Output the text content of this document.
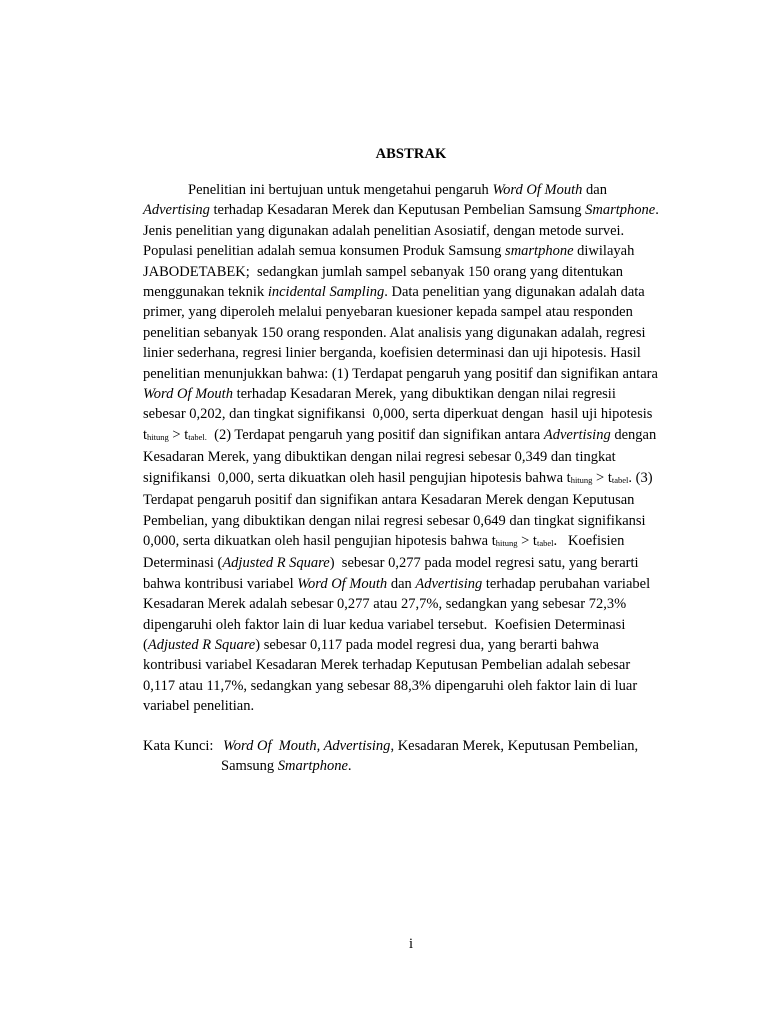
ABSTRAK
Penelitian ini bertujuan untuk mengetahui pengaruh Word Of Mouth dan
Advertising terhadap Kesadaran Merek dan Keputusan Pembelian Samsung Smartphone.
Jenis penelitian yang digunakan adalah penelitian Asosiatif, dengan metode survei.
Populasi penelitian adalah semua konsumen Produk Samsung smartphone diwilayah
JABODETABEK;  sedangkan jumlah sampel sebanyak 150 orang yang ditentukan
menggunakan teknik incidental Sampling. Data penelitian yang digunakan adalah data
primer, yang diperoleh melalui penyebaran kuesioner kepada sampel atau responden
penelitian sebanyak 150 orang responden. Alat analisis yang digunakan adalah, regresi
linier sederhana, regresi linier berganda, koefisien determinasi dan uji hipotesis. Hasil
penelitian menunjukkan bahwa: (1) Terdapat pengaruh yang positif dan signifikan antara
Word Of Mouth terhadap Kesadaran Merek, yang dibuktikan dengan nilai regresii
sebesar 0,202, dan tingkat signifikansi  0,000, serta diperkuat dengan  hasil uji hipotesis
thitung > ttabel.  (2) Terdapat pengaruh yang positif dan signifikan antara Advertising dengan
Kesadaran Merek, yang dibuktikan dengan nilai regresi sebesar 0,349 dan tingkat
signifikansi  0,000, serta dikuatkan oleh hasil pengujian hipotesis bahwa thitung > ttabel. (3)
Terdapat pengaruh positif dan signifikan antara Kesadaran Merek dengan Keputusan
Pembelian, yang dibuktikan dengan nilai regresi sebesar 0,649 dan tingkat signifikansi
0,000, serta dikuatkan oleh hasil pengujian hipotesis bahwa thitung > ttabel.   Koefisien
Determinasi (Adjusted R Square)  sebesar 0,277 pada model regresi satu, yang berarti
bahwa kontribusi variabel Word Of Mouth dan Advertising terhadap perubahan variabel
Kesadaran Merek adalah sebesar 0,277 atau 27,7%, sedangkan yang sebesar 72,3%
dipengaruhi oleh faktor lain di luar kedua variabel tersebut.  Koefisien Determinasi
(Adjusted R Square) sebesar 0,117 pada model regresi dua, yang berarti bahwa
kontribusi variabel Kesadaran Merek terhadap Keputusan Pembelian adalah sebesar
0,117 atau 11,7%, sedangkan yang sebesar 88,3% dipengaruhi oleh faktor lain di luar
variabel penelitian.
Kata Kunci: Word Of  Mouth, Advertising, Kesadaran Merek, Keputusan Pembelian,
Samsung Smartphone.
i
